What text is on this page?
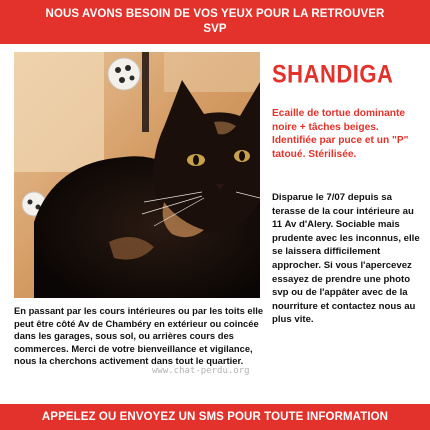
NOUS AVONS BESOIN DE VOS YEUX POUR LA RETROUVER SVP
SHANDIGA
Ecaille de tortue dominante noire + tâches beiges. Identifiée par puce et un "P" tatoué. Stérilisée.
Disparue le 7/07 depuis sa terasse de la cour intérieure au 11 Av d'Alery. Sociable mais prudente avec les inconnus, elle se laissera difficilement approcher. Si vous l'apercevez essayez de prendre une photo svp ou de l'appâter avec de la nourriture et contactez nous au plus vite.
En passant par les cours intérieures ou par les toits elle peut être côté Av de Chambéry en extérieur ou coincée dans les garages, sous sol, ou arrières cours des commerces. Merci de votre bienveillance et vigilance, nous la cherchons activement dans tout le quartier.
www.chat-perdu.org
APPELEZ OU ENVOYEZ UN SMS POUR TOUTE INFORMATION
